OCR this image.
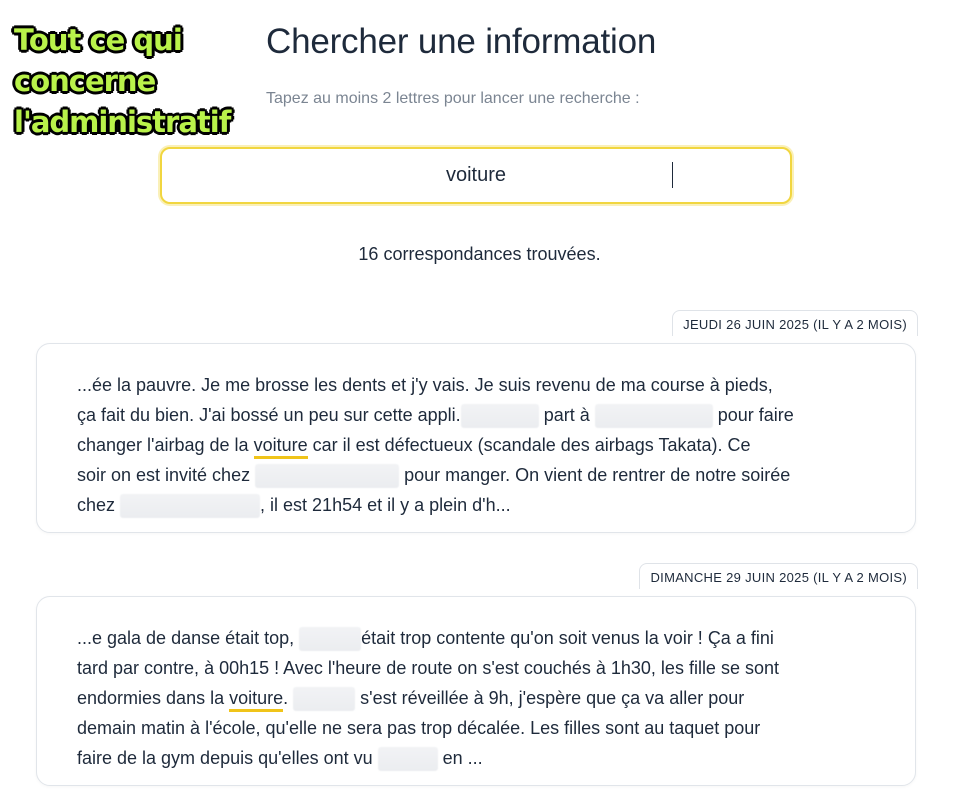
Tout ce qui
concerne
l'administratif
Chercher une information
Tapez au moins 2 lettres pour lancer une recherche :
voiture
16 correspondances trouvées.
JEUDI 26 JUIN 2025 (IL Y A 2 MOIS)

...ée la pauvre. Je me brosse les dents et j'y vais. Je suis revenu de ma course à pieds,

ça fait du bien. J'ai bossé un peu sur cette appli.	part à	pour faire

changer l'airbag de la voiture car il est défectueux (scandale des airbags Takata). Ce

soir on est invité chez	pour manger. On vient de rentrer de notre soirée

chez	, il est 21h54 et il y a plein d'h...

DIMANCHE 29 JUIN 2025 (IL Y A 2 MOIS)

...e gala de danse était top,	était trop contente qu'on soit venus la voir ! Ça a fini

tard par contre, à 00h15 ! Avec l'heure de route on s'est couchés à 1h30, les fille se sont

endormies dans la voiture.	s'est réveillée à 9h, j'espère que ça va aller pour

demain matin à l'école, qu'elle ne sera pas trop décalée. Les filles sont au taquet pour

faire de la gym depuis qu'elles ont vu	en ...
